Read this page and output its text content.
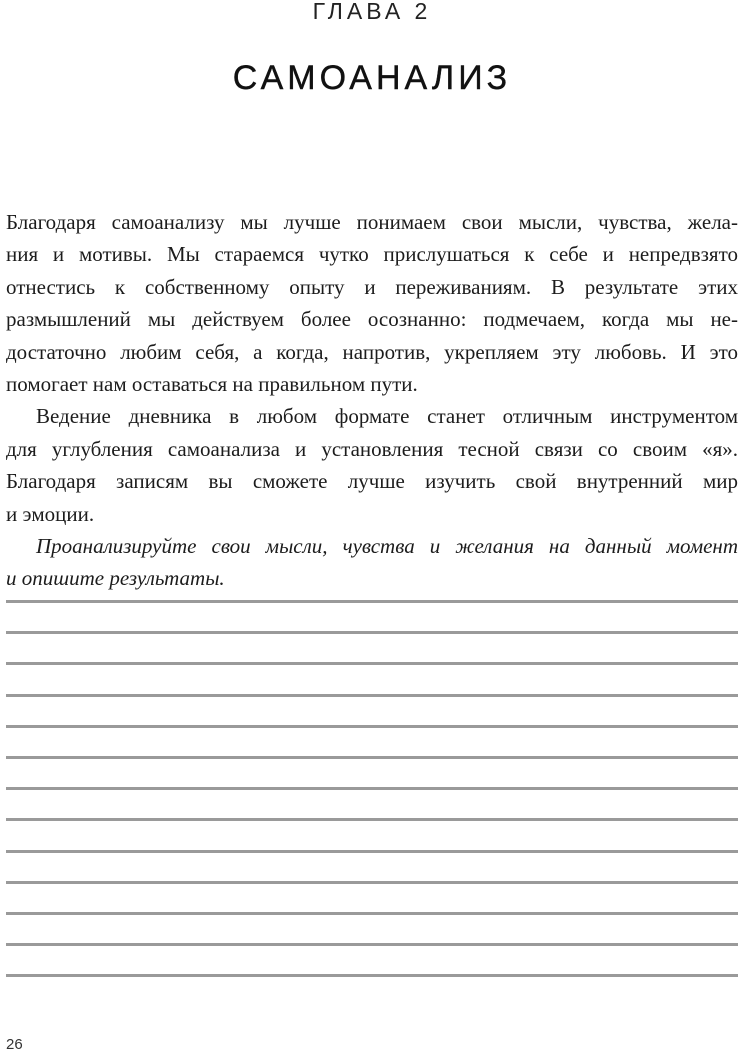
ГЛАВА 2
САМОАНАЛИЗ
Благодаря самоанализу мы лучше понимаем свои мысли, чувства, жела-
ния и мотивы. Мы стараемся чутко прислушаться к себе и непредвзято
отнестись к собственному опыту и переживаниям. В результате этих
размышлений мы действуем более осознанно: подмечаем, когда мы не-
достаточно любим себя, а когда, напротив, укрепляем эту любовь. И это
помогает нам оставаться на правильном пути.
Ведение дневника в любом формате станет отличным инструментом
для углубления самоанализа и установления тесной связи со своим «я».
Благодаря записям вы сможете лучше изучить свой внутренний мир
и эмоции.
Проанализируйте свои мысли, чувства и желания на данный момент
и опишите результаты.
26
